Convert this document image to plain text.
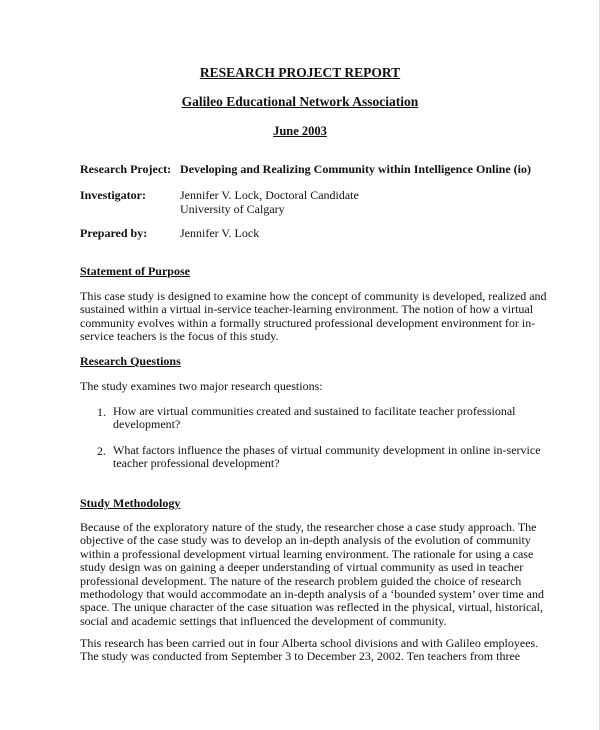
RESEARCH PROJECT REPORT
Galileo Educational Network Association
June 2003
Research Project: Developing and Realizing Community within Intelligence Online (io)
Investigator:	Jennifer V. Lock, Doctoral Candidate
University of Calgary
Prepared by:	Jennifer V. Lock
Statement of Purpose
This case study is designed to examine how the concept of community is developed, realized and
sustained within a virtual in-service teacher-learning environment. The notion of how a virtual
community evolves within a formally structured professional development environment for in-
service teachers is the focus of this study.
Research Questions
The study examines two major research questions:
1. How are virtual communities created and sustained to facilitate teacher professional
development?
2. What factors influence the phases of virtual community development in online in-service
teacher professional development?
Study Methodology
Because of the exploratory nature of the study, the researcher chose a case study approach. The
objective of the case study was to develop an in-depth analysis of the evolution of community
within a professional development virtual learning environment. The rationale for using a case
study design was on gaining a deeper understanding of virtual community as used in teacher
professional development. The nature of the research problem guided the choice of research
methodology that would accommodate an in-depth analysis of a ‘bounded system’ over time and
space. The unique character of the case situation was reflected in the physical, virtual, historical,
social and academic settings that influenced the development of community.
This research has been carried out in four Alberta school divisions and with Galileo employees.
The study was conducted from September 3 to December 23, 2002. Ten teachers from three
